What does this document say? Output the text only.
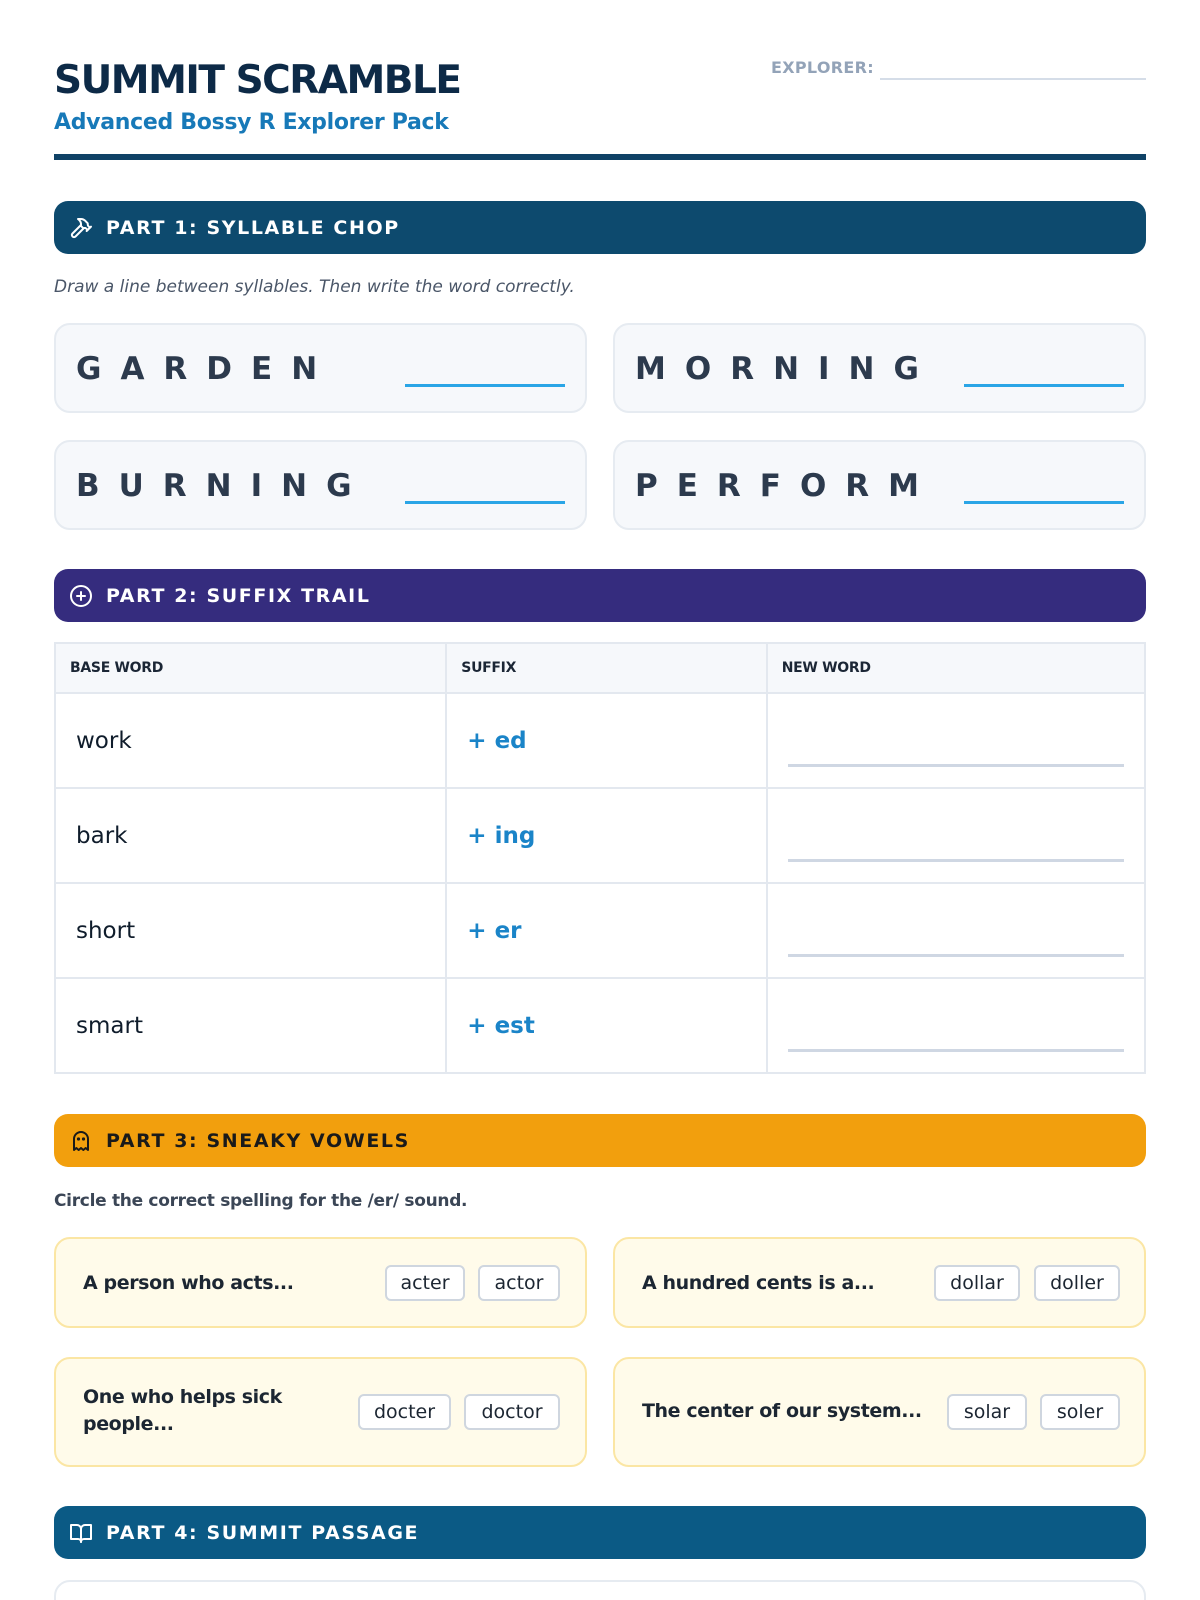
SUMMIT SCRAMBLE
Advanced Bossy R Explorer Pack
EXPLORER:
PART 1: SYLLABLE CHOP
Draw a line between syllables. Then write the word correctly.
GARDEN	MORNING
BURNING	PERFORM
PART 2: SUFFIX TRAIL
BASE WORD	SUFFIX	NEW WORD
work	+ ed	

bark	+ ing	

short	+ er	

smart	+ est	
PART 3: SNEAKY VOWELS
Circle the correct spelling for the /er/ sound.
A person who acts...	acter	actor	A hundred cents is a...	dollar	doller
One who helps sick people...
docter	doctor	The center of our system...	solar	soler
PART 4: SUMMIT PASSAGE
